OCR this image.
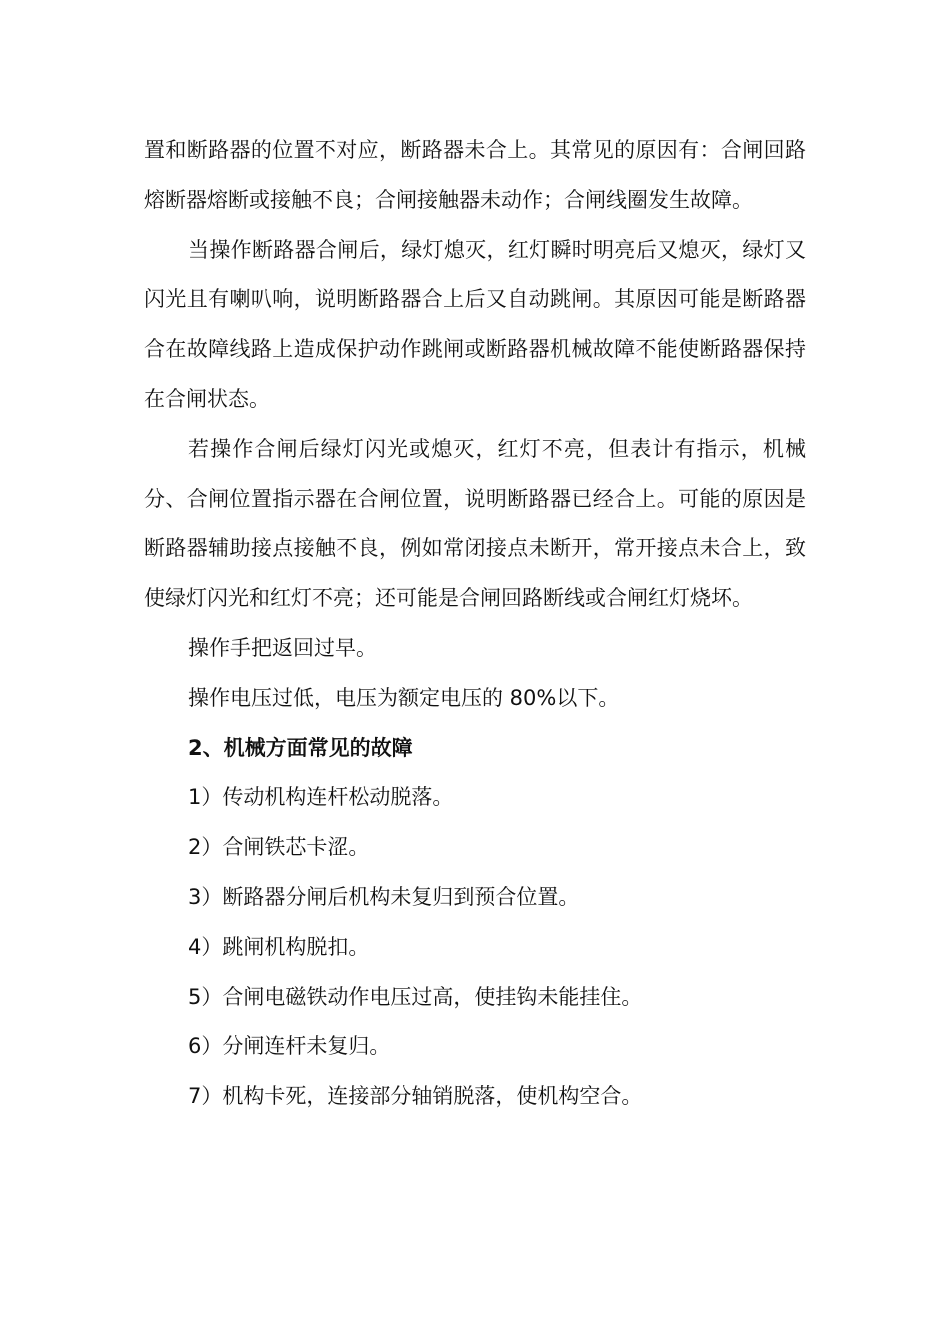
置和断路器的位置不对应，断路器未合上。其常见的原因有：合闸回路熔断器熔断或接触不良；合闸接触器未动作；合闸线圈发生故障。

当操作断路器合闸后，绿灯熄灭，红灯瞬时明亮后又熄灭，绿灯又闪光且有喇叭响，说明断路器合上后又自动跳闸。其原因可能是断路器合在故障线路上造成保护动作跳闸或断路器机械故障不能使断路器保持在合闸状态。

若操作合闸后绿灯闪光或熄灭，红灯不亮，但表计有指示，机械分、合闸位置指示器在合闸位置，说明断路器已经合上。可能的原因是断路器辅助接点接触不良，例如常闭接点未断开，常开接点未合上，致使绿灯闪光和红灯不亮；还可能是合闸回路断线或合闸红灯烧坏。

操作手把返回过早。

操作电压过低，电压为额定电压的 80%以下。

2、机械方面常见的故障

1）传动机构连杆松动脱落。

2）合闸铁芯卡涩。

3）断路器分闸后机构未复归到预合位置。

4）跳闸机构脱扣。

5）合闸电磁铁动作电压过高，使挂钩未能挂住。

6）分闸连杆未复归。

7）机构卡死，连接部分轴销脱落，使机构空合。
